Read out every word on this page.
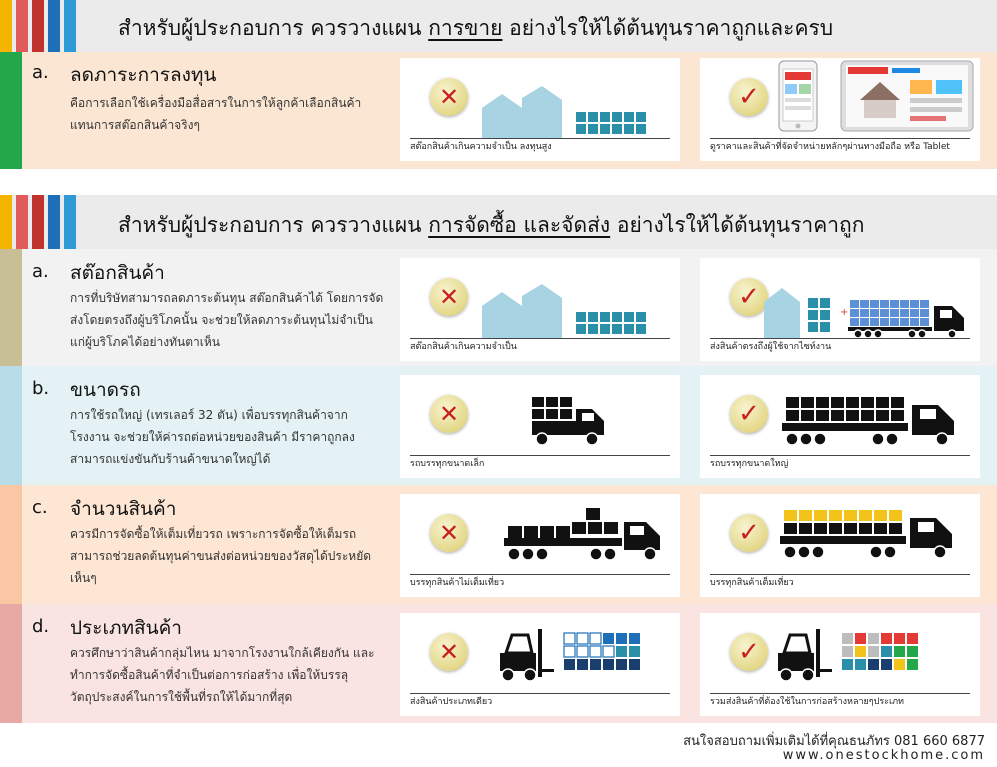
สำหรับผู้ประกอบการ ควรวางแผน การขาย อย่างไรให้ได้ต้นทุนราคาถูกและครบ
a. ลดภาระการลงทุน
คือการเลือกใช้เครื่องมือสื่อสารในการให้ลูกค้าเลือกสินค้า แทนการสต๊อกสินค้าจริงๆ
✕
สต๊อกสินค้าเกินความจำเป็น ลงทุนสูง
✓
ดูราคาและสินค้าที่จัดจำหน่ายหลักๆผ่านทางมือถือ หรือ Tablet
สำหรับผู้ประกอบการ ควรวางแผน การจัดซื้อ และจัดส่ง อย่างไรให้ได้ต้นทุนราคาถูก
a. สต๊อกสินค้า
การที่บริษัทสามารถลดภาระต้นทุน สต๊อกสินค้าได้ โดยการจัดส่งโดยตรงถึงผู้บริโภคนั้น จะช่วยให้ลดภาระต้นทุนไม่จำเป็นแก่ผู้บริโภคได้อย่างทันตาเห็น
✕
สต๊อกสินค้าเกินความจำเป็น
✓
+
ส่งสินค้าตรงถึงผู้ใช้จากไซท์งาน
b. ขนาดรถ
การใช้รถใหญ่ (เทรเลอร์ 32 ตัน) เพื่อบรรทุกสินค้าจากโรงงาน จะช่วยให้ค่ารถต่อหน่วยของสินค้า มีราคาถูกลง สามารถแข่งขันกับร้านค้าขนาดใหญ่ได้
✕
รถบรรทุกขนาดเล็ก
✓
รถบรรทุกขนาดใหญ่
c. จำนวนสินค้า
ควรมีการจัดซื้อให้เต็มเที่ยวรถ เพราะการจัดซื้อให้เต็มรถ สามารถช่วยลดต้นทุนค่าขนส่งต่อหน่วยของวัสดุได้ประหยัดเห็นๆ
✕
บรรทุกสินค้าไม่เต็มเที่ยว
✓
บรรทุกสินค้าเต็มเที่ยว
d. ประเภทสินค้า
ควรศึกษาว่าสินค้ากลุ่มไหน มาจากโรงงานใกล้เคียงกัน และทำการจัดซื้อสินค้าที่จำเป็นต่อการก่อสร้าง เพื่อให้บรรลุวัตถุประสงค์ในการใช้พื้นที่รถให้ได้มากที่สุด
✕
ส่งสินค้าประเภทเดียว
✓
รวมส่งสินค้าที่ต้องใช้ในการก่อสร้างหลายๆประเภท
สนใจสอบถามเพิ่มเติมได้ที่คุณธนภัทร 081 660 6877
www.onestockhome.com
